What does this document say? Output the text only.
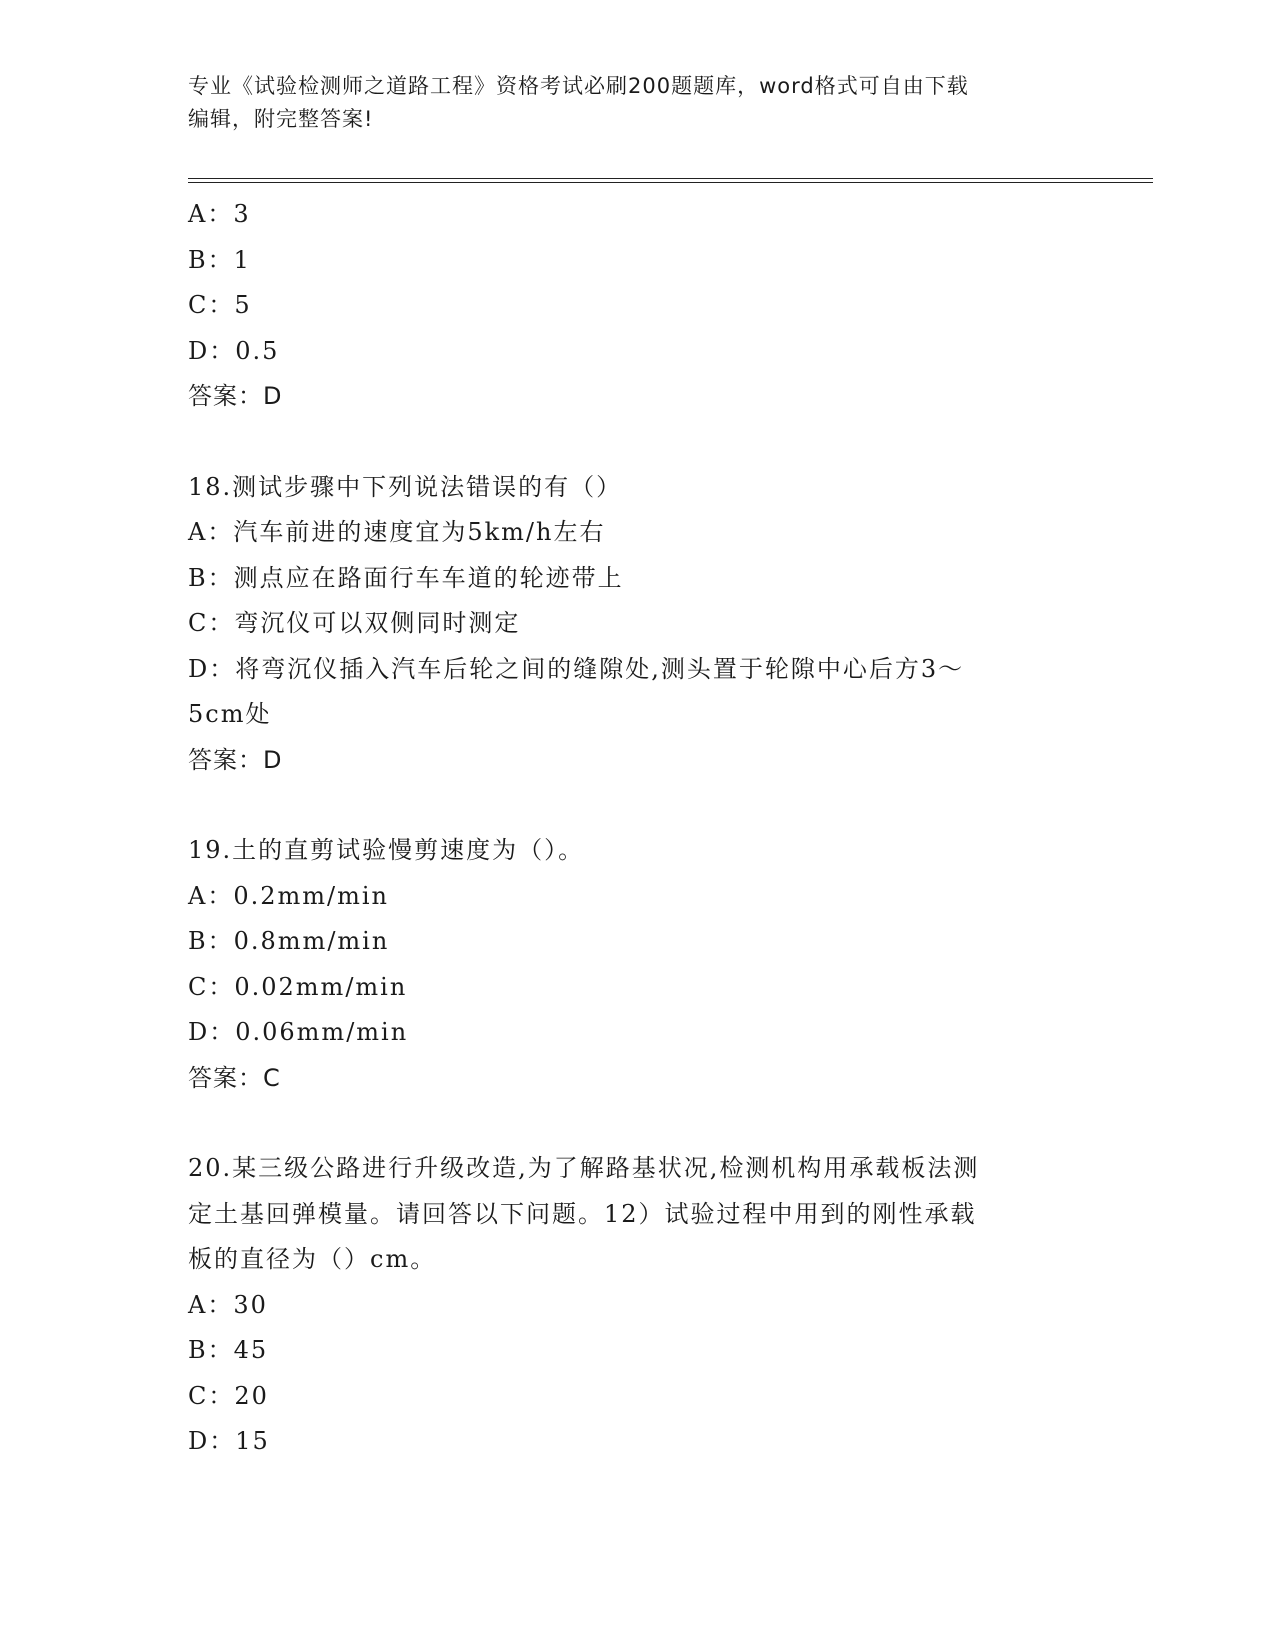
专业《试验检测师之道路工程》资格考试必刷200题题库，word格式可自由下载
编辑，附完整答案!
A：3
B：1
C：5
D：0.5
答案：D
18.测试步骤中下列说法错误的有（）
A：汽车前进的速度宜为5km/h左右
B：测点应在路面行车车道的轮迹带上
C：弯沉仪可以双侧同时测定
D：将弯沉仪插入汽车后轮之间的缝隙处,测头置于轮隙中心后方3～
5cm处
答案：D
19.土的直剪试验慢剪速度为（）。
A：0.2mm/min
B：0.8mm/min
C：0.02mm/min
D：0.06mm/min
答案：C
20.某三级公路进行升级改造,为了解路基状况,检测机构用承载板法测
定土基回弹模量。请回答以下问题。12）试验过程中用到的刚性承载
板的直径为（）cm。
A：30
B：45
C：20
D：15
